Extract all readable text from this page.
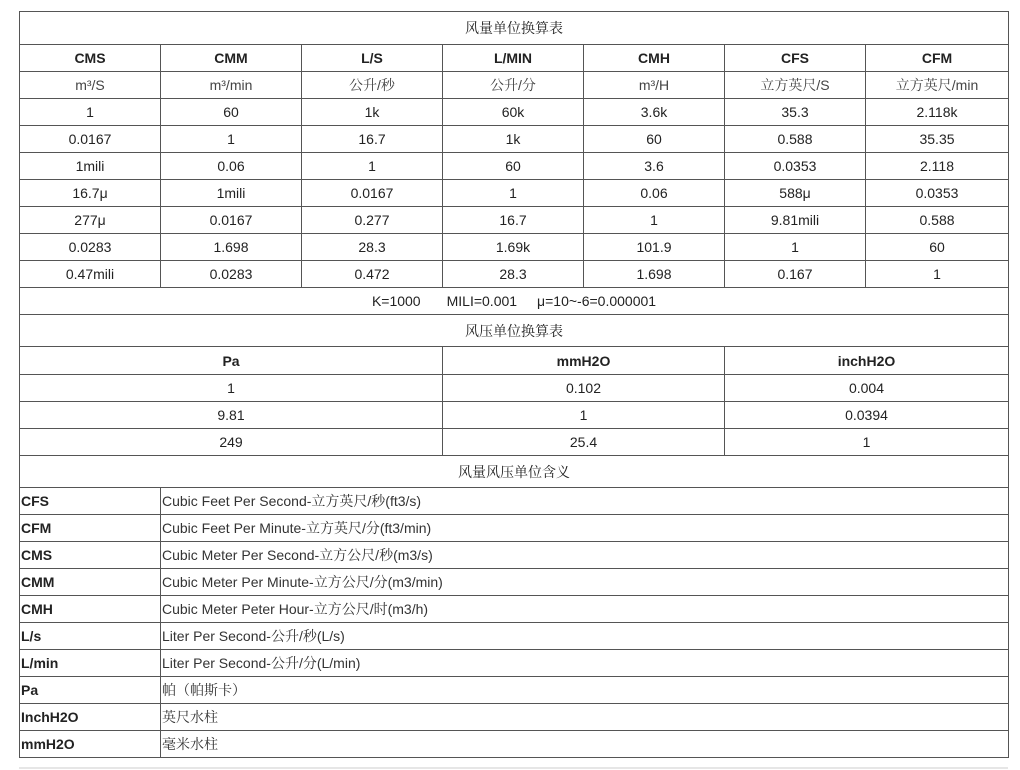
风量单位换算表						
CMS	CMM	L/S	L/MIN	CMH	CFS	CFM
m³/S	m³/min	公升/秒	公升/分	m³/H	立方英尺/S	立方英尺/min
1	60	1k	60k	3.6k	35.3	2.118k
0.0167	1	16.7	1k	60	0.588	35.35
1mili	0.06	1	60	3.6	0.0353	2.118
16.7μ	1mili	0.0167	1	0.06	588μ	0.0353
277μ	0.0167	0.277	16.7	1	9.81mili	0.588
0.0283	1.698	28.3	1.69k	101.9	1	60
0.47mili	0.0283	0.472	28.3	1.698	0.167	1
K=1000 MILI=0.001 μ=10~-6=0.000001						
风压单位换算表		
Pa	mmH2O	inchH2O
1	0.102	0.004
9.81	1	0.0394
249	25.4	1
风量风压单位含义	
CFS	Cubic Feet Per Second-立方英尺/秒(ft3/s)
CFM	Cubic Feet Per Minute-立方英尺/分(ft3/min)
CMS	Cubic Meter Per Second-立方公尺/秒(m3/s)
CMM	Cubic Meter Per Minute-立方公尺/分(m3/min)
CMH	Cubic Meter Peter Hour-立方公尺/时(m3/h)
L/s	Liter Per Second-公升/秒(L/s)
L/min	Liter Per Second-公升/分(L/min)
Pa	帕（帕斯卡）
InchH2O	英尺水柱
mmH2O	毫米水柱
